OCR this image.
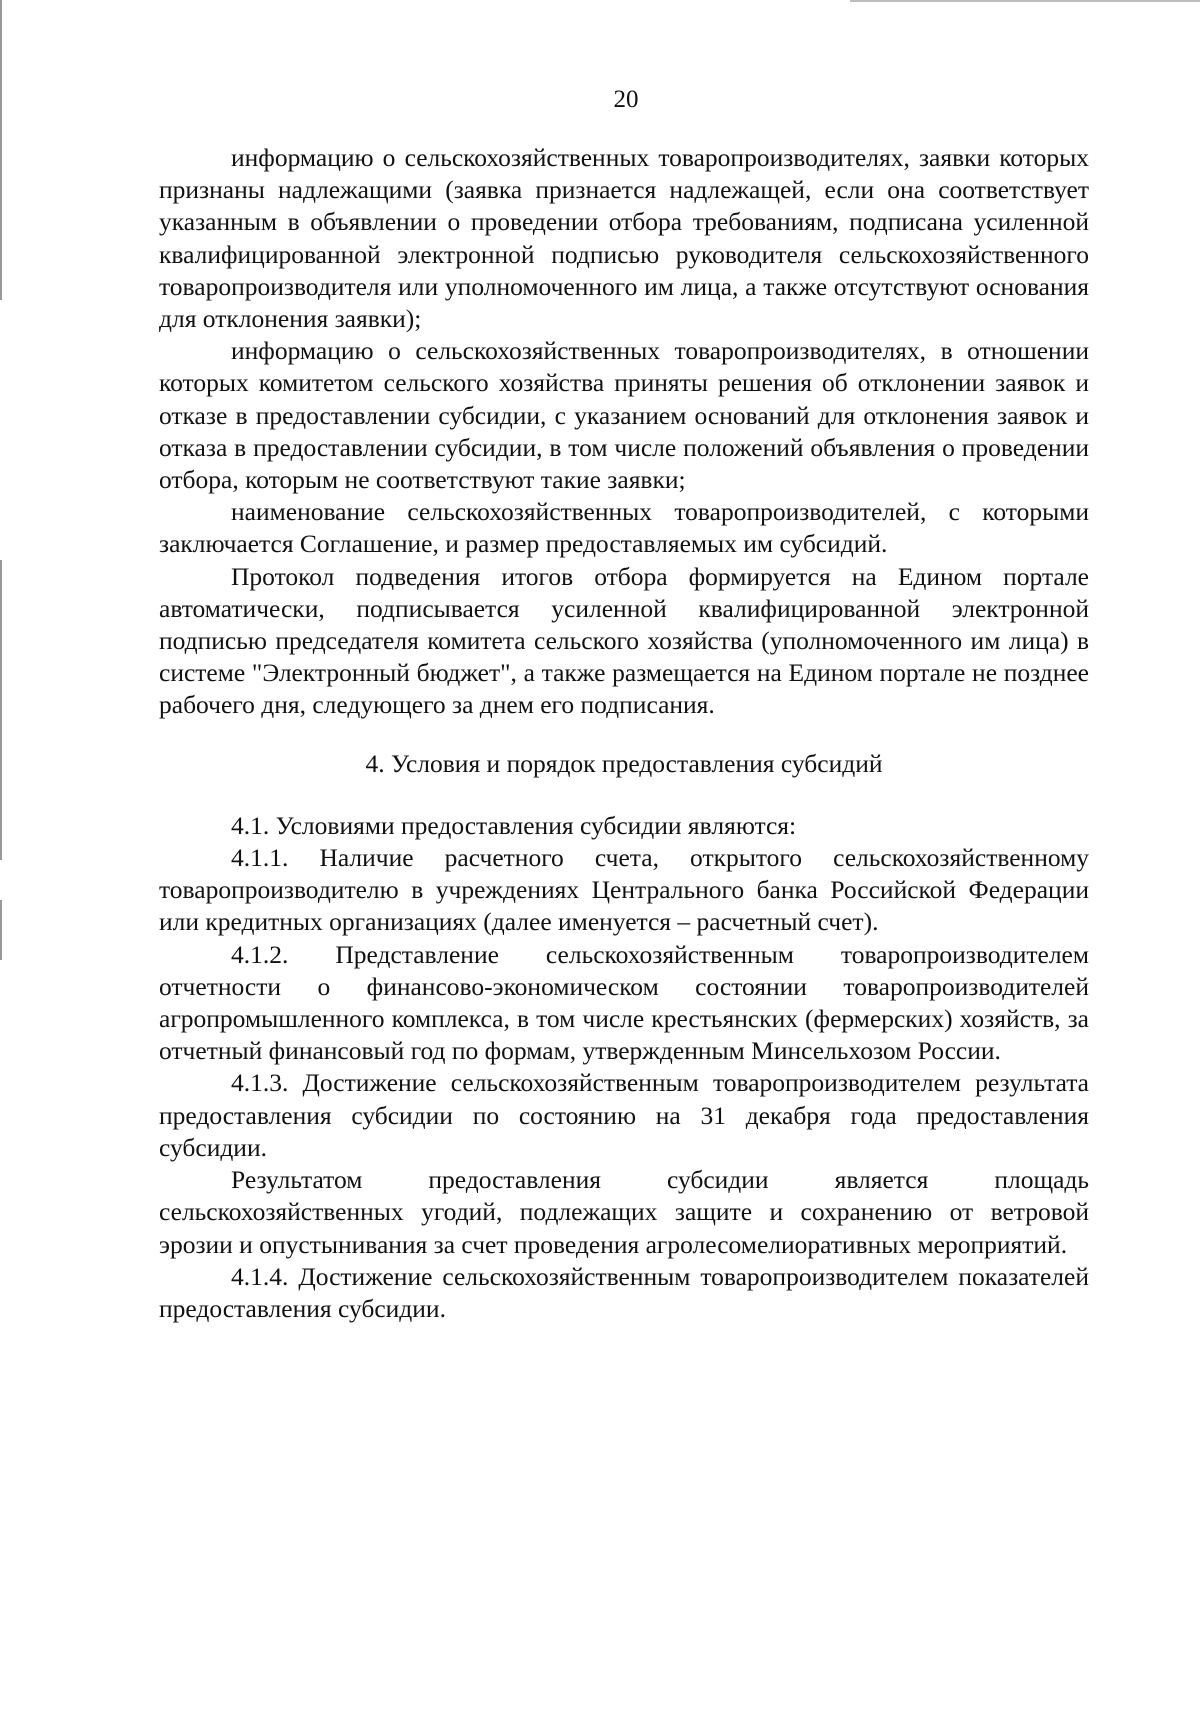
20

информацию о сельскохозяйственных товаропроизводителях, заявки которых признаны надлежащими (заявка признается надлежащей, если она соответствует указанным в объявлении о проведении отбора требованиям, подписана усиленной квалифицированной электронной подписью руководителя сельскохозяйственного товаропроизводителя или уполномоченного им лица, а также отсутствуют основания для отклонения заявки);

информацию о сельскохозяйственных товаропроизводителях, в отношении которых комитетом сельского хозяйства приняты решения об отклонении заявок и отказе в предоставлении субсидии, с указанием оснований для отклонения заявок и отказа в предоставлении субсидии, в том числе положений объявления о проведении отбора, которым не соответствуют такие заявки;

наименование сельскохозяйственных товаропроизводителей, с которыми заключается Соглашение, и размер предоставляемых им субсидий.

Протокол подведения итогов отбора формируется на Едином портале автоматически, подписывается усиленной квалифицированной электронной подписью председателя комитета сельского хозяйства (уполномоченного им лица) в системе "Электронный бюджет", а также размещается на Едином портале не позднее рабочего дня, следующего за днем его подписания.

4. Условия и порядок предоставления субсидий

4.1. Условиями предоставления субсидии являются:

4.1.1. Наличие расчетного счета, открытого сельскохозяйственному товаропроизводителю в учреждениях Центрального банка Российской Федерации или кредитных организациях (далее именуется – расчетный счет).

4.1.2. Представление сельскохозяйственным товаропроизводителем отчетности о финансово-экономическом состоянии товаропроизводителей агропромышленного комплекса, в том числе крестьянских (фермерских) хозяйств, за отчетный финансовый год по формам, утвержденным Минсельхозом России.

4.1.3. Достижение сельскохозяйственным товаропроизводителем результата предоставления субсидии по состоянию на 31 декабря года предоставления субсидии.

Результатом предоставления субсидии является площадь сельскохозяйственных угодий, подлежащих защите и сохранению от ветровой эрозии и опустынивания за счет проведения агролесомелиоративных мероприятий.

4.1.4. Достижение сельскохозяйственным товаропроизводителем показателей предоставления субсидии.
